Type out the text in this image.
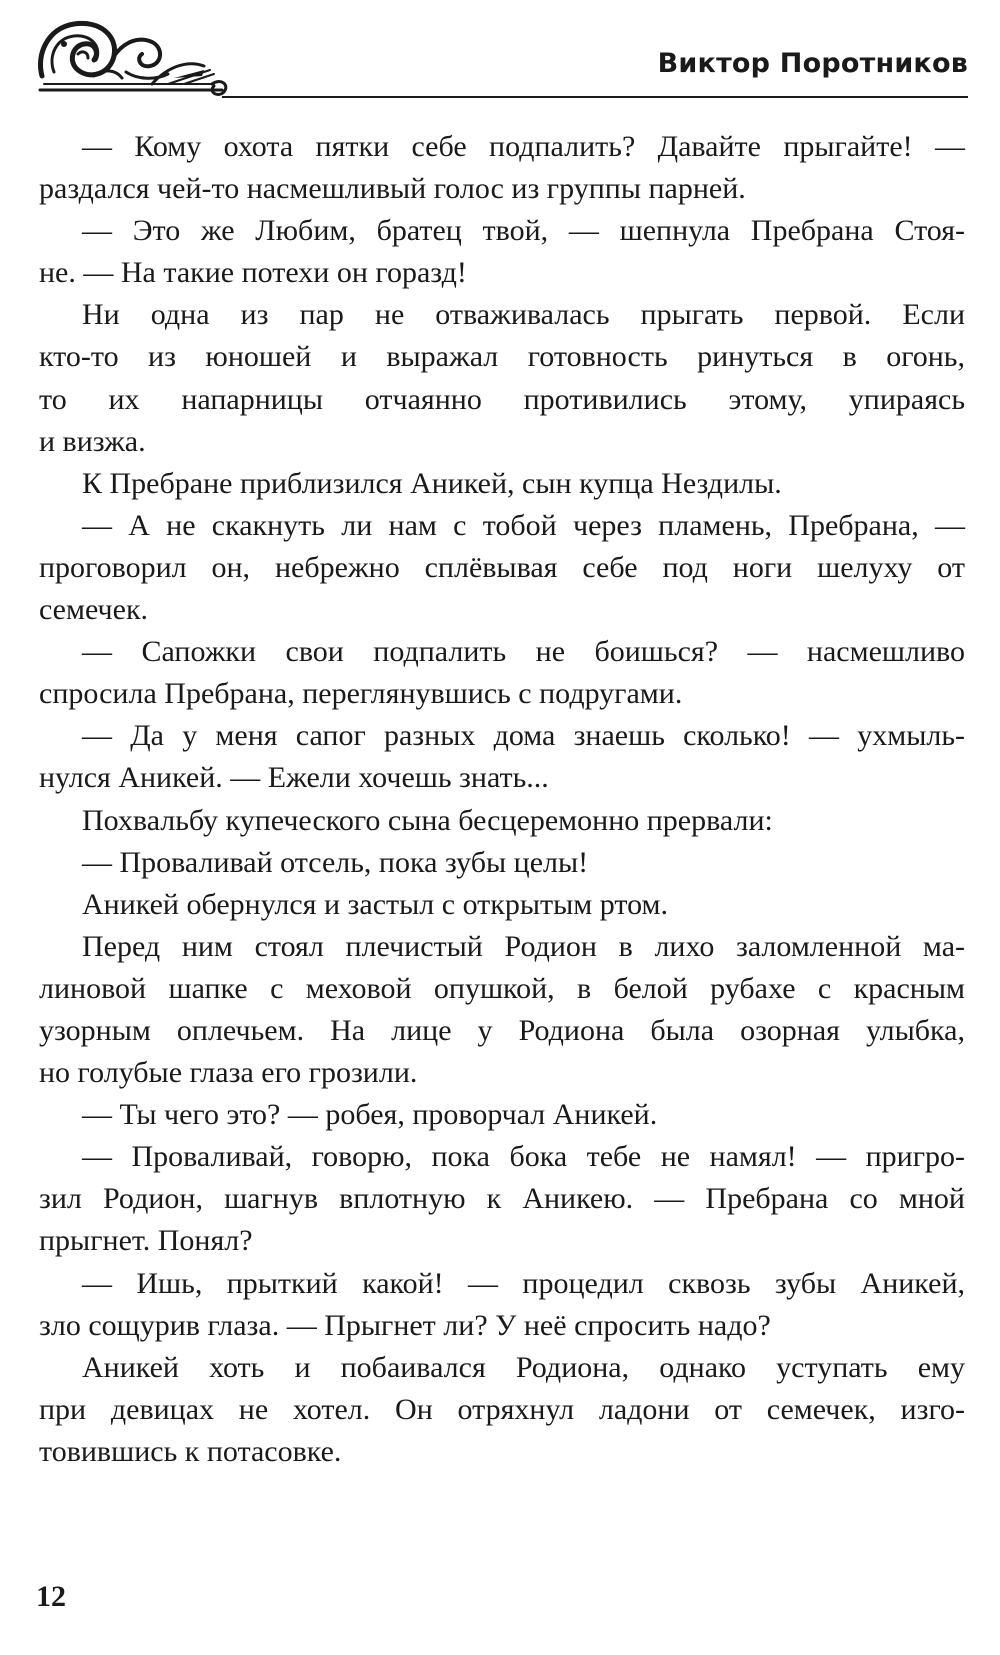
Виктор Поротников
— Кому охота пятки себе подпалить? Давайте прыгайте! —
раздался чей-то насмешливый голос из группы парней.
— Это же Любим, братец твой, — шепнула Пребрана Стоя-
не. — На такие потехи он горазд!
Ни одна из пар не отваживалась прыгать первой. Если
кто-то из юношей и выражал готовность ринуться в огонь,
то их напарницы отчаянно противились этому, упираясь
и визжа.
К Пребране приблизился Аникей, сын купца Нездилы.
— А не скакнуть ли нам с тобой через пламень, Пребрана, —
проговорил он, небрежно сплёвывая себе под ноги шелуху от
семечек.
— Сапожки свои подпалить не боишься? — насмешливо
спросила Пребрана, переглянувшись с подругами.
— Да у меня сапог разных дома знаешь сколько! — ухмыль-
нулся Аникей. — Ежели хочешь знать...
Похвальбу купеческого сына бесцеремонно прервали:
— Проваливай отсель, пока зубы целы!
Аникей обернулся и застыл с открытым ртом.
Перед ним стоял плечистый Родион в лихо заломленной ма-
линовой шапке с меховой опушкой, в белой рубахе с красным
узорным оплечьем. На лице у Родиона была озорная улыбка,
но голубые глаза его грозили.
— Ты чего это? — робея, проворчал Аникей.
— Проваливай, говорю, пока бока тебе не намял! — пригро-
зил Родион, шагнув вплотную к Аникею. — Пребрана со мной
прыгнет. Понял?
— Ишь, прыткий какой! — процедил сквозь зубы Аникей,
зло сощурив глаза. — Прыгнет ли? У неё спросить надо?
Аникей хоть и побаивался Родиона, однако уступать ему
при девицах не хотел. Он отряхнул ладони от семечек, изго-
товившись к потасовке.
12
